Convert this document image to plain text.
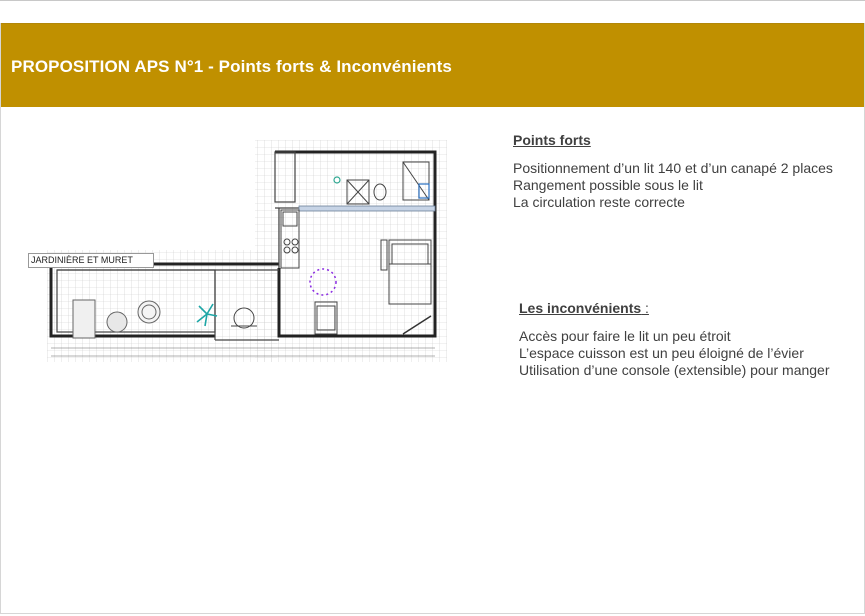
PROPOSITION APS N°1 - Points forts & Inconvénients
JARDINIÈRE ET MURET
Points forts
Positionnement d’un lit 140 et d’un canapé 2 places
Rangement possible sous le lit
La circulation reste correcte
Les inconvénients :
Accès pour faire le lit un peu étroit
L’espace cuisson est un peu éloigné de l’évier
Utilisation d’une console (extensible) pour manger
